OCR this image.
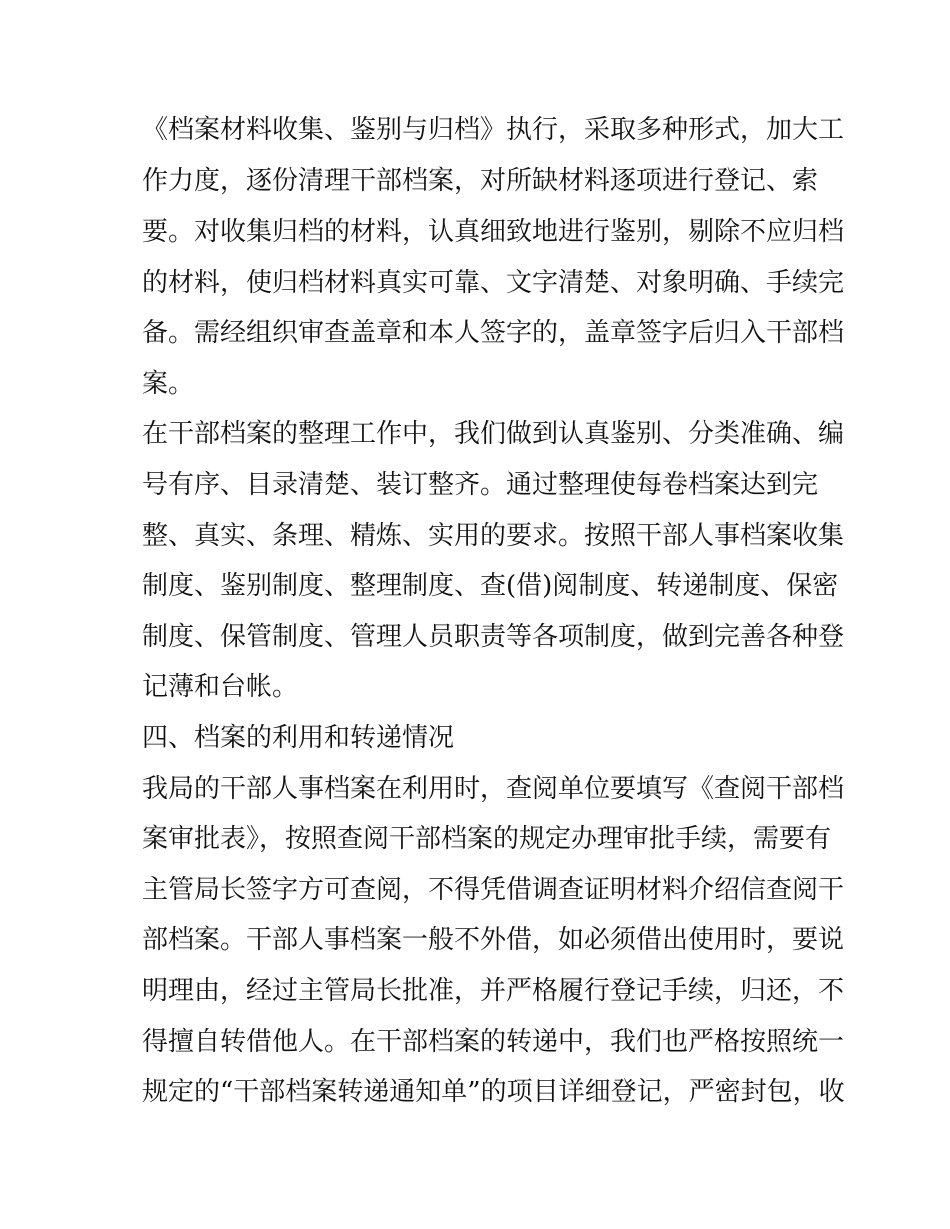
《档案材料收集、鉴别与归档》执行，采取多种形式，加大工

作力度，逐份清理干部档案，对所缺材料逐项进行登记、索

要。对收集归档的材料，认真细致地进行鉴别，剔除不应归档

的材料，使归档材料真实可靠、文字清楚、对象明确、手续完

备。需经组织审查盖章和本人签字的，盖章签字后归入干部档

案。

在干部档案的整理工作中，我们做到认真鉴别、分类准确、编

号有序、目录清楚、装订整齐。通过整理使每卷档案达到完

整、真实、条理、精炼、实用的要求。按照干部人事档案收集

制度、鉴别制度、整理制度、查(借)阅制度、转递制度、保密

制度、保管制度、管理人员职责等各项制度，做到完善各种登

记薄和台帐。

四、档案的利用和转递情况

我局的干部人事档案在利用时，查阅单位要填写《查阅干部档

案审批表》，按照查阅干部档案的规定办理审批手续，需要有

主管局长签字方可查阅，不得凭借调查证明材料介绍信查阅干

部档案。干部人事档案一般不外借，如必须借出使用时，要说

明理由，经过主管局长批准，并严格履行登记手续，归还，不

得擅自转借他人。在干部档案的转递中，我们也严格按照统一

规定的“干部档案转递通知单”的项目详细登记，严密封包，收
